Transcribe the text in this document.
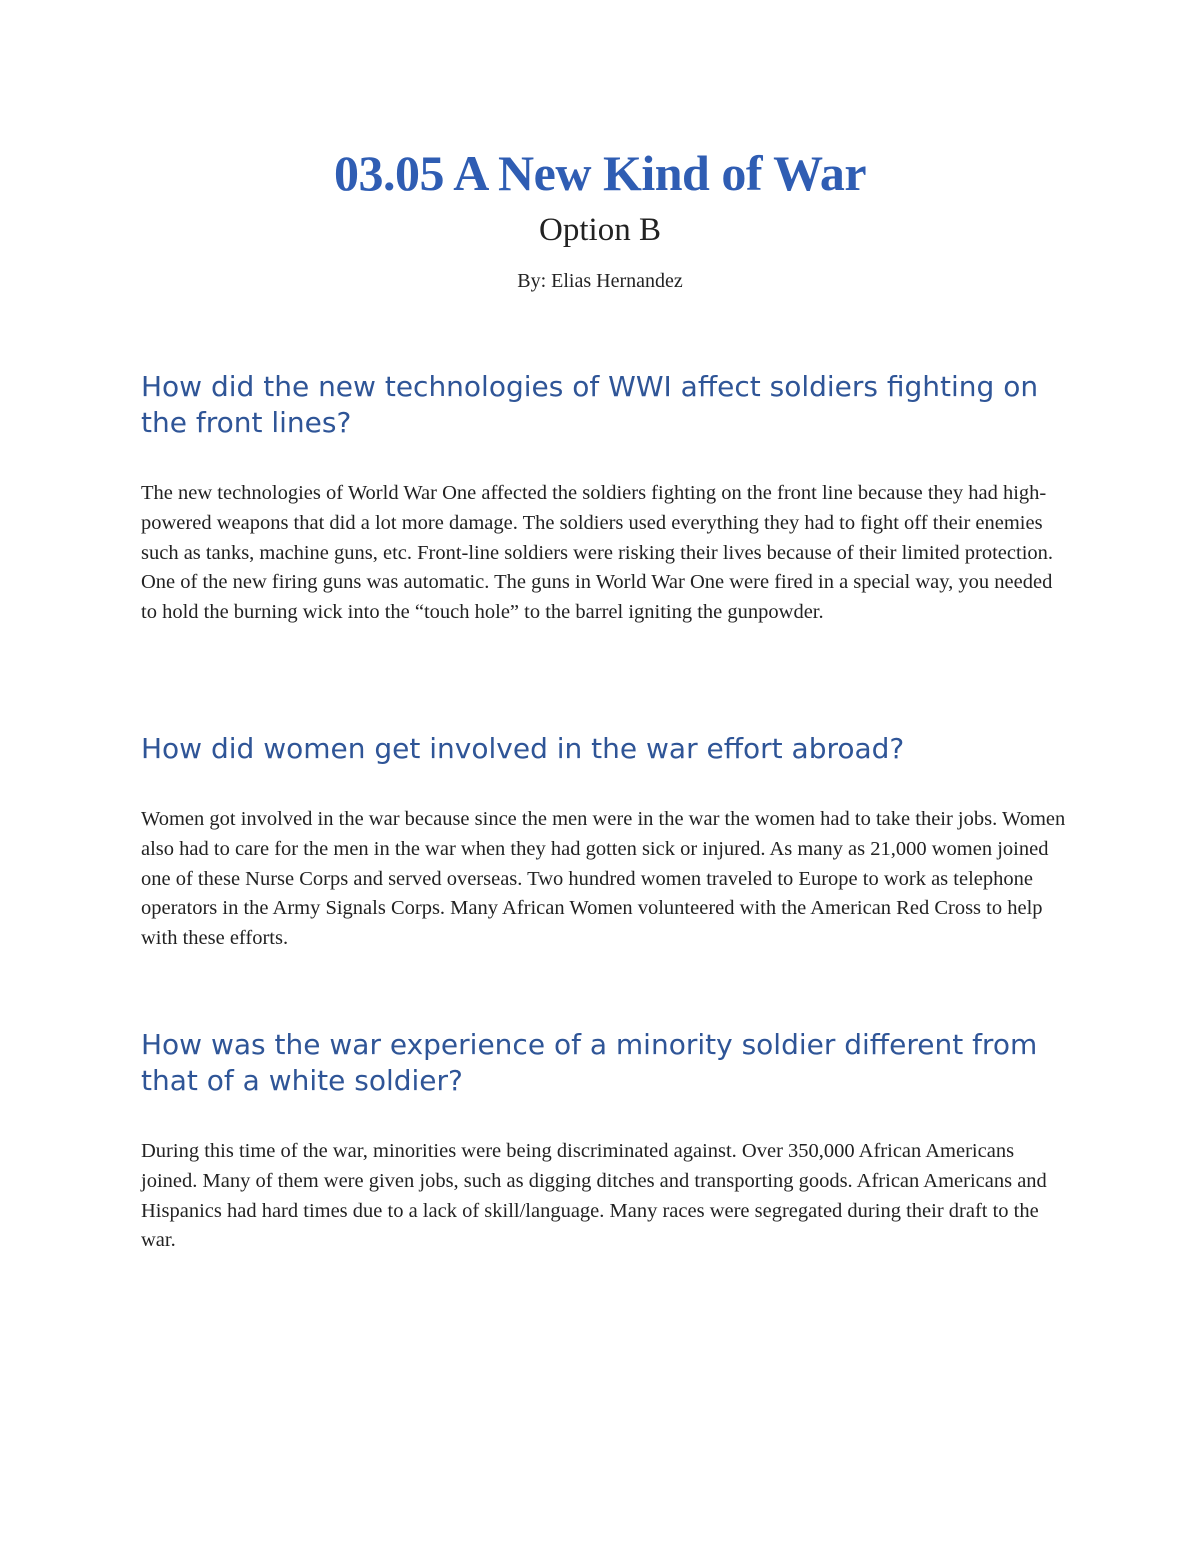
03.05 A New Kind of War
Option B
By: Elias Hernandez
How did the new technologies of WWI affect soldiers fighting on the front lines?

The new technologies of World War One affected the soldiers fighting on the front line because they had high-powered weapons that did a lot more damage. The soldiers used everything they had to fight off their enemies such as tanks, machine guns, etc. Front-line soldiers were risking their lives because of their limited protection. One of the new firing guns was automatic. The guns in World War One were fired in a special way, you needed to hold the burning wick into the “touch hole” to the barrel igniting the gunpowder.

How did women get involved in the war effort abroad?

Women got involved in the war because since the men were in the war the women had to take their jobs. Women also had to care for the men in the war when they had gotten sick or injured. As many as 21,000 women joined one of these Nurse Corps and served overseas. Two hundred women traveled to Europe to work as telephone operators in the Army Signals Corps. Many African Women volunteered with the American Red Cross to help with these efforts.

How was the war experience of a minority soldier different from that of a white soldier?

During this time of the war, minorities were being discriminated against. Over 350,000 African Americans joined. Many of them were given jobs, such as digging ditches and transporting goods. African Americans and Hispanics had hard times due to a lack of skill/language. Many races were segregated during their draft to the war.
